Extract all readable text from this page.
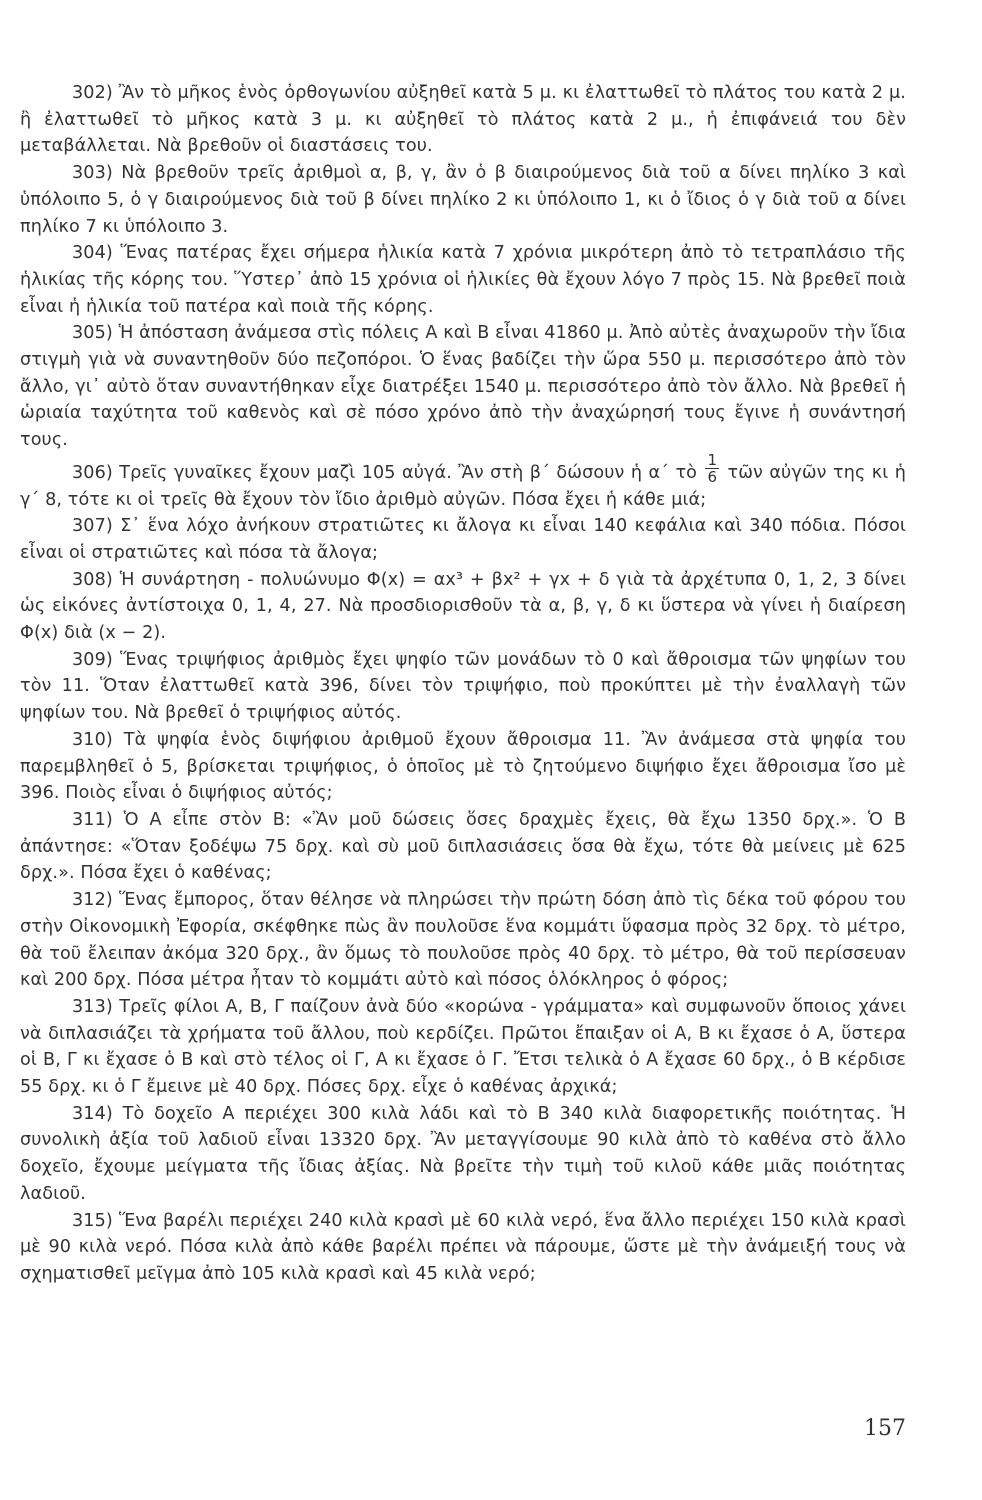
302) Ἂν τὸ μῆκος ἑνὸς ὀρθογωνίου αὐξηθεῖ κατὰ 5 μ. κι ἐλαττωθεῖ τὸ πλάτος του κατὰ 2 μ. ἢ ἐλαττωθεῖ τὸ μῆκος κατὰ 3 μ. κι αὐξηθεῖ τὸ πλάτος κατὰ 2 μ., ἡ ἐπιφάνειά του δὲν μεταβάλλεται. Νὰ βρεθοῦν οἱ διαστάσεις του.

303) Νὰ βρεθοῦν τρεῖς ἀριθμοὶ α, β, γ, ἂν ὁ β διαιρούμενος διὰ τοῦ α δίνει πηλίκο 3 καὶ ὑπόλοιπο 5, ὁ γ διαιρούμενος διὰ τοῦ β δίνει πηλίκο 2 κι ὑπόλοιπο 1, κι ὁ ἴδιος ὁ γ διὰ τοῦ α δίνει πηλίκο 7 κι ὑπόλοιπο 3.

304) Ἕνας πατέρας ἔχει σήμερα ἡλικία κατὰ 7 χρόνια μικρότερη ἀπὸ τὸ τετραπλάσιο τῆς ἡλικίας τῆς κόρης του. Ὕστερ᾽ ἀπὸ 15 χρόνια οἱ ἡλικίες θὰ ἔχουν λόγο 7 πρὸς 15. Νὰ βρεθεῖ ποιὰ εἶναι ἡ ἡλικία τοῦ πατέρα καὶ ποιὰ τῆς κόρης.

305) Ἡ ἀπόσταση ἀνάμεσα στὶς πόλεις Α καὶ Β εἶναι 41860 μ. Ἀπὸ αὐτὲς ἀναχωροῦν τὴν ἴδια στιγμὴ γιὰ νὰ συναντηθοῦν δύο πεζοπόροι. Ὁ ἕνας βαδίζει τὴν ὥρα 550 μ. περισσότερο ἀπὸ τὸν ἄλλο, γι᾽ αὐτὸ ὅταν συναντήθηκαν εἶχε διατρέξει 1540 μ. περισσότερο ἀπὸ τὸν ἄλλο. Νὰ βρεθεῖ ἡ ὡριαία ταχύτητα τοῦ καθενὸς καὶ σὲ πόσο χρόνο ἀπὸ τὴν ἀναχώρησή τους ἔγινε ἡ συνάντησή τους.

306) Τρεῖς γυναῖκες ἔχουν μαζὶ 105 αὐγά. Ἂν στὴ β´ δώσουν ἡ α´ τὸ $\frac{1}{6}$ τῶν αὐγῶν της κι ἡ γ´ 8, τότε κι οἱ τρεῖς θὰ ἔχουν τὸν ἴδιο ἀριθμὸ αὐγῶν. Πόσα ἔχει ἡ κάθε μιά;

307) Σ᾽ ἕνα λόχο ἀνήκουν στρατιῶτες κι ἄλογα κι εἶναι 140 κεφάλια καὶ 340 πόδια. Πόσοι εἶναι οἱ στρατιῶτες καὶ πόσα τὰ ἄλογα;

308) Ἡ συνάρτηση - πολυώνυμο Φ(x) = αx³ + βx² + γx + δ γιὰ τὰ ἀρχέτυπα 0, 1, 2, 3 δίνει ὡς εἰκόνες ἀντίστοιχα 0, 1, 4, 27. Νὰ προσδιορισθοῦν τὰ α, β, γ, δ κι ὕστερα νὰ γίνει ἡ διαίρεση Φ(x) διὰ (x − 2).

309) Ἕνας τριψήφιος ἀριθμὸς ἔχει ψηφίο τῶν μονάδων τὸ 0 καὶ ἄθροισμα τῶν ψηφίων του τὸν 11. Ὅταν ἐλαττωθεῖ κατὰ 396, δίνει τὸν τριψήφιο, ποὺ προκύπτει μὲ τὴν ἐναλλαγὴ τῶν ψηφίων του. Νὰ βρεθεῖ ὁ τριψήφιος αὐτός.

310) Τὰ ψηφία ἑνὸς διψήφιου ἀριθμοῦ ἔχουν ἄθροισμα 11. Ἂν ἀνάμεσα στὰ ψηφία του παρεμβληθεῖ ὁ 5, βρίσκεται τριψήφιος, ὁ ὁποῖος μὲ τὸ ζητούμενο διψήφιο ἔχει ἄθροισμα ἴσο μὲ 396. Ποιὸς εἶναι ὁ διψήφιος αὐτός;

311) Ὁ Α εἶπε στὸν Β: «Ἂν μοῦ δώσεις ὅσες δραχμὲς ἔχεις, θὰ ἔχω 1350 δρχ.». Ὁ Β ἀπάντησε: «Ὅταν ξοδέψω 75 δρχ. καὶ σὺ μοῦ διπλασιάσεις ὅσα θὰ ἔχω, τότε θὰ μείνεις μὲ 625 δρχ.». Πόσα ἔχει ὁ καθένας;

312) Ἕνας ἔμπορος, ὅταν θέλησε νὰ πληρώσει τὴν πρώτη δόση ἀπὸ τὶς δέκα τοῦ φόρου του στὴν Οἰκονομικὴ Ἐφορία, σκέφθηκε πὼς ἂν πουλοῦσε ἕνα κομμάτι ὕφασμα πρὸς 32 δρχ. τὸ μέτρο, θὰ τοῦ ἔλειπαν ἀκόμα 320 δρχ., ἂν ὅμως τὸ πουλοῦσε πρὸς 40 δρχ. τὸ μέτρο, θὰ τοῦ περίσσευαν καὶ 200 δρχ. Πόσα μέτρα ἦταν τὸ κομμάτι αὐτὸ καὶ πόσος ὁλόκληρος ὁ φόρος;

313) Τρεῖς φίλοι Α, Β, Γ παίζουν ἀνὰ δύο «κορώνα - γράμματα» καὶ συμφωνοῦν ὅποιος χάνει νὰ διπλασιάζει τὰ χρήματα τοῦ ἄλλου, ποὺ κερδίζει. Πρῶτοι ἔπαιξαν οἱ Α, Β κι ἔχασε ὁ Α, ὕστερα οἱ Β, Γ κι ἔχασε ὁ Β καὶ στὸ τέλος οἱ Γ, Α κι ἔχασε ὁ Γ. Ἔτσι τελικὰ ὁ Α ἔχασε 60 δρχ., ὁ Β κέρδισε 55 δρχ. κι ὁ Γ ἔμεινε μὲ 40 δρχ. Πόσες δρχ. εἶχε ὁ καθένας ἀρχικά;

314) Τὸ δοχεῖο Α περιέχει 300 κιλὰ λάδι καὶ τὸ Β 340 κιλὰ διαφορετικῆς ποιότητας. Ἡ συνολικὴ ἀξία τοῦ λαδιοῦ εἶναι 13320 δρχ. Ἂν μεταγγίσουμε 90 κιλὰ ἀπὸ τὸ καθένα στὸ ἄλλο δοχεῖο, ἔχουμε μείγματα τῆς ἴδιας ἀξίας. Νὰ βρεῖτε τὴν τιμὴ τοῦ κιλοῦ κάθε μιᾶς ποιότητας λαδιοῦ.

315) Ἕνα βαρέλι περιέχει 240 κιλὰ κρασὶ μὲ 60 κιλὰ νερό, ἕνα ἄλλο περιέχει 150 κιλὰ κρασὶ μὲ 90 κιλὰ νερό. Πόσα κιλὰ ἀπὸ κάθε βαρέλι πρέπει νὰ πάρουμε, ὥστε μὲ τὴν ἀνάμειξή τους νὰ σχηματισθεῖ μεῖγμα ἀπὸ 105 κιλὰ κρασὶ καὶ 45 κιλὰ νερό;

157
